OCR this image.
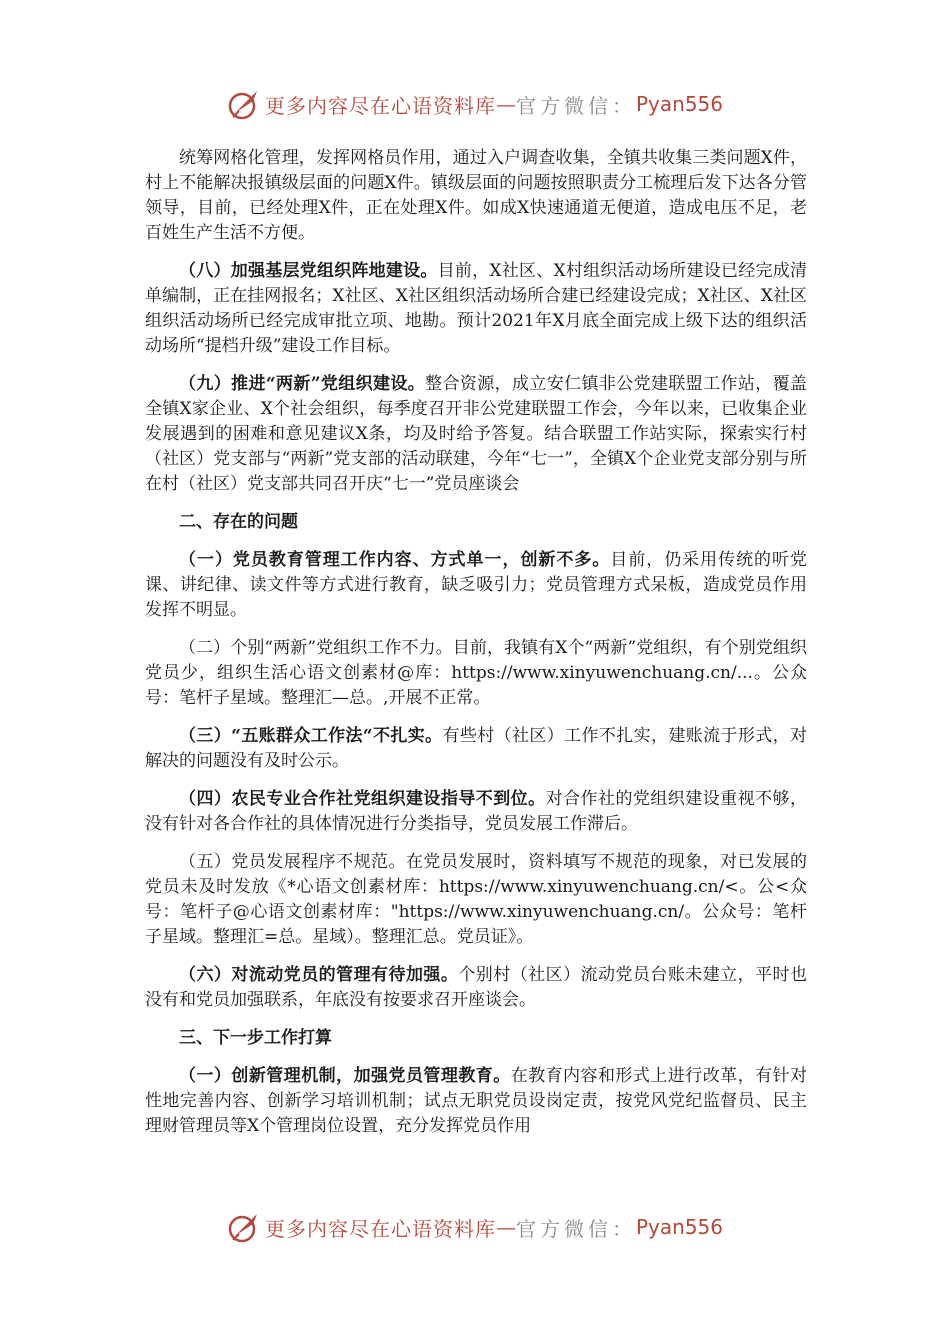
更多内容尽在心语资料库 — 官方微信： Pyan556

统筹网格化管理，发挥网格员作用，通过入户调查收集，全镇共收集三类问题X件，村上不能解决报镇级层面的问题X件。镇级层面的问题按照职责分工梳理后发下达各分管领导，目前，已经处理X件，正在处理X件。如成X快速通道无便道，造成电压不足，老百姓生产生活不方便。

（八）加强基层党组织阵地建设。目前，X社区、X村组织活动场所建设已经完成清单编制，正在挂网报名；X社区、X社区组织活动场所合建已经建设完成；X社区、X社区组织活动场所已经完成审批立项、地勘。预计2021年X月底全面完成上级下达的组织活动场所“提档升级”建设工作目标。

（九）推进“两新”党组织建设。整合资源，成立安仁镇非公党建联盟工作站，覆盖全镇X家企业、X个社会组织，每季度召开非公党建联盟工作会，今年以来，已收集企业发展遇到的困难和意见建议X条，均及时给予答复。结合联盟工作站实际，探索实行村（社区）党支部与“两新”党支部的活动联建，今年“七一”，全镇X个企业党支部分别与所在村（社区）党支部共同召开庆“七一”党员座谈会

二、存在的问题

（一）党员教育管理工作内容、方式单一，创新不多。目前，仍采用传统的听党课、讲纪律、读文件等方式进行教育，缺乏吸引力；党员管理方式呆板，造成党员作用发挥不明显。

（二）个别“两新”党组织工作不力。目前，我镇有X个“两新”党组织，有个别党组织党员少，组织生活心语文创素材@库：https://www.xinyuwenchuang.cn/...。公众号：笔杆子星域。整理汇—总。,开展不正常。

（三）“五账群众工作法“不扎实。有些村（社区）工作不扎实，建账流于形式，对解决的问题没有及时公示。

（四）农民专业合作社党组织建设指导不到位。对合作社的党组织建设重视不够，没有针对各合作社的具体情况进行分类指导，党员发展工作滞后。

（五）党员发展程序不规范。在党员发展时，资料填写不规范的现象，对已发展的党员未及时发放《*心语文创素材库：https://www.xinyuwenchuang.cn/<。公<众号：笔杆子@心语文创素材库："https://www.xinyuwenchuang.cn/。公众号：笔杆子星域。整理汇=总。星域）。整理汇总。党员证》。

（六）对流动党员的管理有待加强。个别村（社区）流动党员台账未建立，平时也没有和党员加强联系，年底没有按要求召开座谈会。

三、下一步工作打算

（一）创新管理机制，加强党员管理教育。在教育内容和形式上进行改革，有针对性地完善内容、创新学习培训机制；试点无职党员设岗定责，按党风党纪监督员、民主理财管理员等X个管理岗位设置，充分发挥党员作用

更多内容尽在心语资料库 — 官方微信： Pyan556
